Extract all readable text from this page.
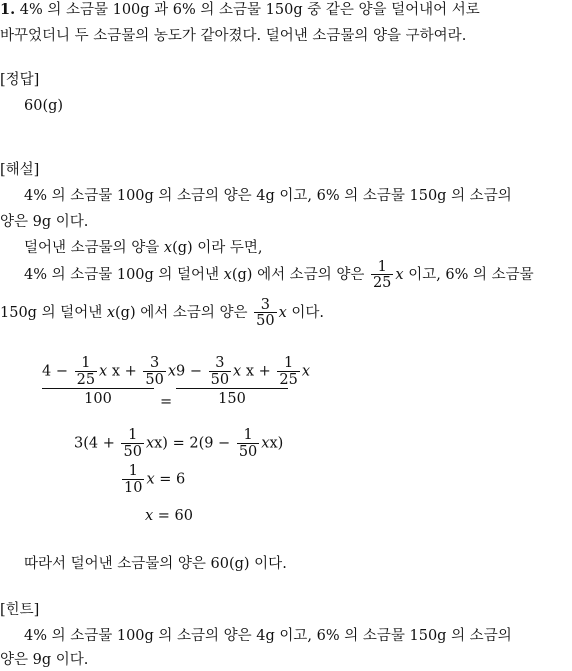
1. 4% 의 소금물 100g 과 6% 의 소금물 150g 중 같은 양을 덜어내어 서로
바꾸었더니 두 소금물의 농도가 같아졌다. 덜어낸 소금물의 양을 구하여라.
[정답]
60(g)
[해설]
4% 의 소금물 100g 의 소금의 양은 4g 이고, 6% 의 소금물 150g 의 소금의
양은 9g 이다.
덜어낸 소금물의 양을 x(g) 이라 두면,
4% 의 소금물 100g 의 덜어낸 x(g) 에서 소금의 양은 $\frac{1}{25}$ x 이고, 6% 의 소금물
150g 의 덜어낸 x(g) 에서 소금의 양은 $\frac{3}{50}$ x 이다.
$\frac{4 - \frac{1}{25} x x + \frac{3}{50} x}{100} = \frac{9 - \frac{3}{50} x x + \frac{1}{25} x}{150}$
$3(4 + \frac{1}{50} xx) = 2(9 - \frac{1}{50} xx)$
$\frac{1}{10}$ x = 6
x = 60
따라서 덜어낸 소금물의 양은 60(g) 이다.
[힌트]
4% 의 소금물 100g 의 소금의 양은 4g 이고, 6% 의 소금물 150g 의 소금의
양은 9g 이다.
